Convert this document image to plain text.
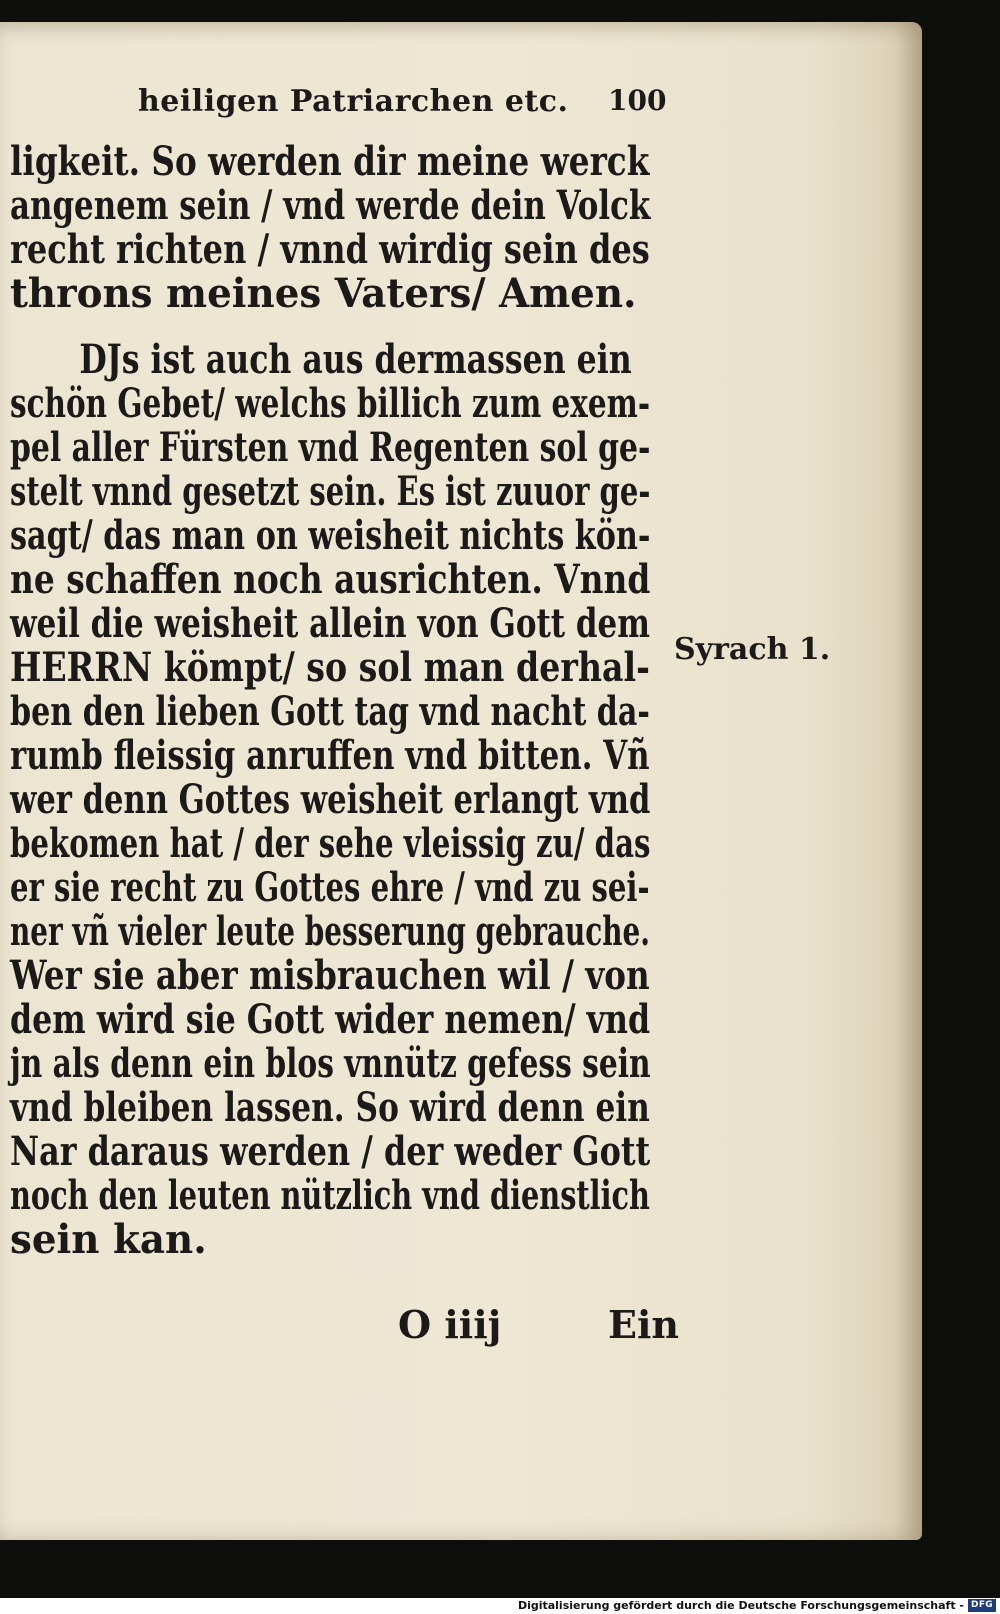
heiligen Patriarchen etc. 100
ligkeit. So werden dir meine werck
angenem sein / vnd werde dein Volck
recht richten / vnnd wirdig sein des
throns meines Vaters/ Amen.
DJs ist auch aus dermassen ein
schön Gebet/ welchs billich zum exem-
pel aller Fürsten vnd Regenten sol ge-
stelt vnnd gesetzt sein. Es ist zuuor ge-
sagt/ das man on weisheit nichts kön-
ne schaffen noch ausrichten. Vnnd
weil die weisheit allein von Gott dem
HERRN kömpt/ so sol man derhal-
ben den lieben Gott tag vnd nacht da-
rumb fleissig anruffen vnd bitten. Vñ
wer denn Gottes weisheit erlangt vnd
bekomen hat / der sehe vleissig zu/ das
er sie recht zu Gottes ehre / vnd zu sei-
ner vñ vieler leute besserung gebrauche.
Wer sie aber misbrauchen wil / von
dem wird sie Gott wider nemen/ vnd
jn als denn ein blos vnnütz gefess sein
vnd bleiben lassen. So wird denn ein
Nar daraus werden / der weder Gott
noch den leuten nützlich vnd dienstlich
sein kan.
Syrach 1.
O iiij	Ein
Digitalisierung gefördert durch die Deutsche Forschungsgemeinschaft - DFG
